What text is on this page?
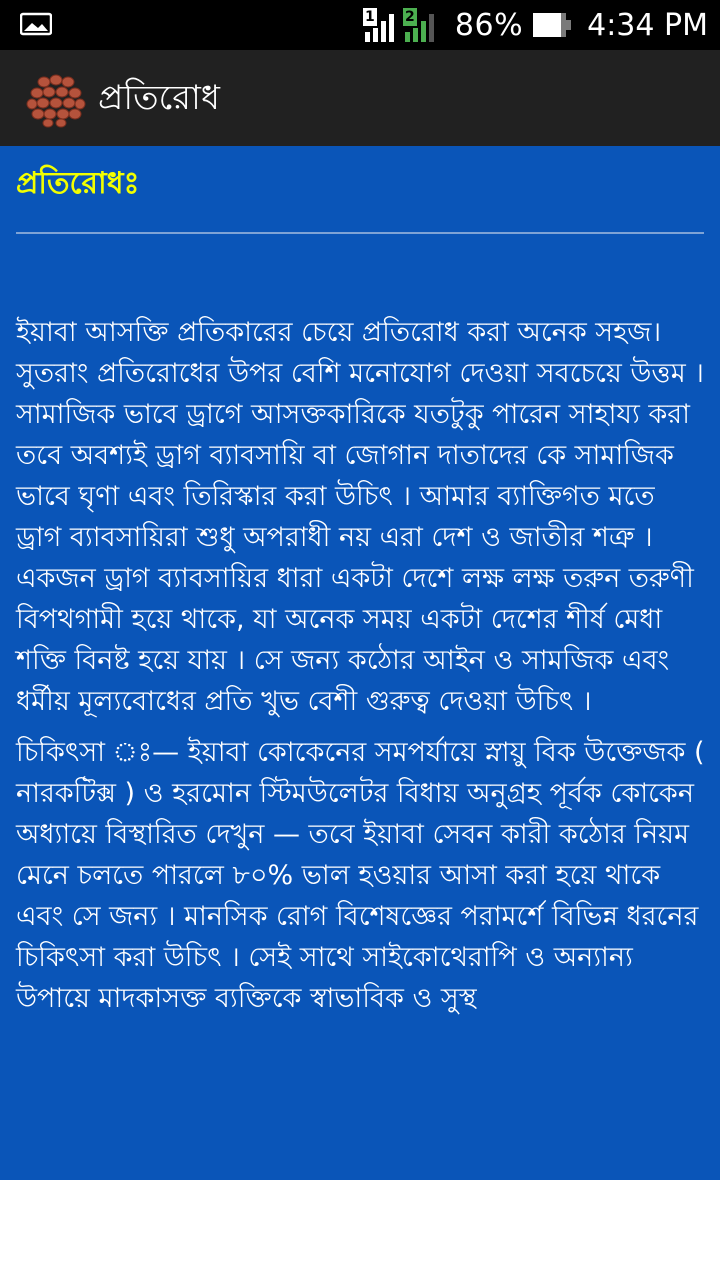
1 2 86% 4:34 PM
প্রতিরোধ
প্রতিরোধঃ

ইয়াবা আসক্তি প্রতিকারের চেয়ে প্রতিরোধ করা অনেক সহজ। সুতরাং প্রতিরোধের উপর বেশি মনোযোগ দেওয়া সবচেয়ে উত্তম । সামাজিক ভাবে ড্রাগে আসক্তকারিকে যতটুকু পারেন সাহায্য করা তবে অবশ্যই ড্রাগ ব্যাবসায়ি বা জোগান দাতাদের কে সামাজিক ভাবে ঘৃণা এবং তিরিস্কার করা উচিৎ । আমার ব্যাক্তিগত মতে ড্রাগ ব্যাবসায়িরা শুধু অপরাধী নয় এরা দেশ ও জাতীর শত্রু । একজন ড্রাগ ব্যাবসায়ির ধারা একটা দেশে লক্ষ লক্ষ তরুন তরুণী বিপথগামী হয়ে থাকে, যা অনেক সময় একটা দেশের শীর্ষ মেধা শক্তি বিনষ্ট হয়ে যায় । সে জন্য কঠোর আইন ও সামজিক এবং ধর্মীয় মূল্যবোধের প্রতি খুভ বেশী গুরুত্ব দেওয়া উচিৎ ।

চিকিৎসা ঃ— ইয়াবা কোকেনের সমপর্যায়ে স্নায়ু বিক উক্তেজক ( নারকটিক্স ) ও হরমোন স্টিমউলেটর বিধায় অনুগ্রহ পূর্বক কোকেন অধ্যায়ে বিস্থারিত দেখুন — তবে ইয়াবা সেবন কারী কঠোর নিয়ম মেনে চলতে পারলে ৮০% ভাল হওয়ার আসা করা হয়ে থাকে এবং সে জন্য । মানসিক রোগ বিশেষজ্ঞের পরামর্শে বিভিন্ন ধরনের চিকিৎসা করা উচিৎ । সেই সাথে সাইকোথেরাপি ও অন্যান্য উপায়ে মাদকাসক্ত ব্যক্তিকে স্বাভাবিক ও সুস্থ
